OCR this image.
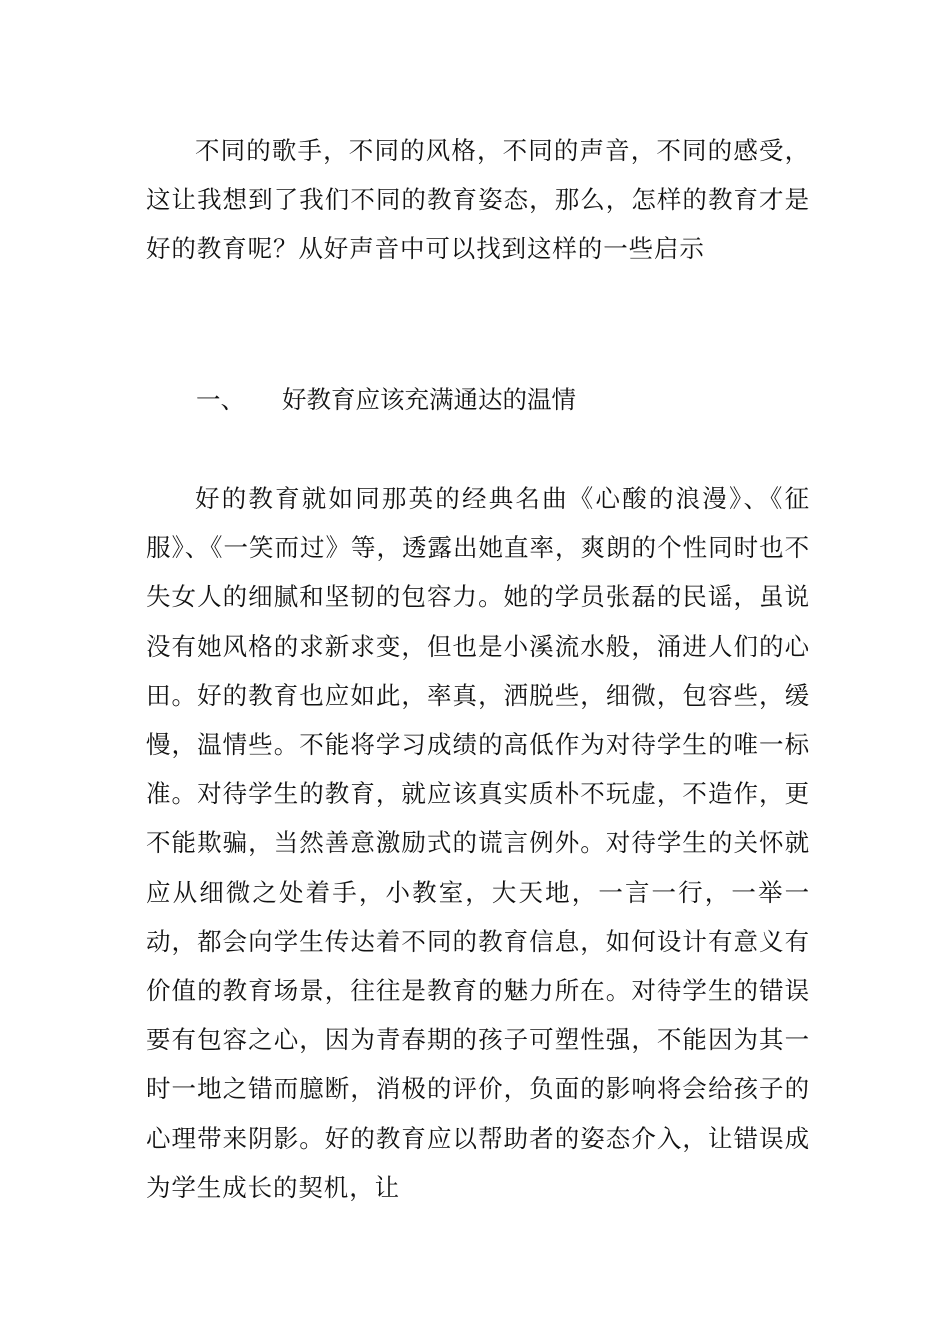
不同的歌手，不同的风格，不同的声音，不同的感受，这让我想到了我们不同的教育姿态，那么，怎样的教育才是好的教育呢？从好声音中可以找到这样的一些启示

一、 好教育应该充满通达的温情

好的教育就如同那英的经典名曲《心酸的浪漫》、《征服》、《一笑而过》等，透露出她直率，爽朗的个性同时也不失女人的细腻和坚韧的包容力。她的学员张磊的民谣，虽说没有她风格的求新求变，但也是小溪流水般，涌进人们的心田。好的教育也应如此，率真，洒脱些，细微，包容些，缓慢，温情些。不能将学习成绩的高低作为对待学生的唯一标准。对待学生的教育，就应该真实质朴不玩虚，不造作，更不能欺骗，当然善意激励式的谎言例外。对待学生的关怀就应从细微之处着手，小教室，大天地，一言一行，一举一动，都会向学生传达着不同的教育信息，如何设计有意义有价值的教育场景，往往是教育的魅力所在。对待学生的错误要有包容之心，因为青春期的孩子可塑性强，不能因为其一时一地之错而臆断，消极的评价，负面的影响将会给孩子的心理带来阴影。好的教育应以帮助者的姿态介入，让错误成为学生成长的契机，让
